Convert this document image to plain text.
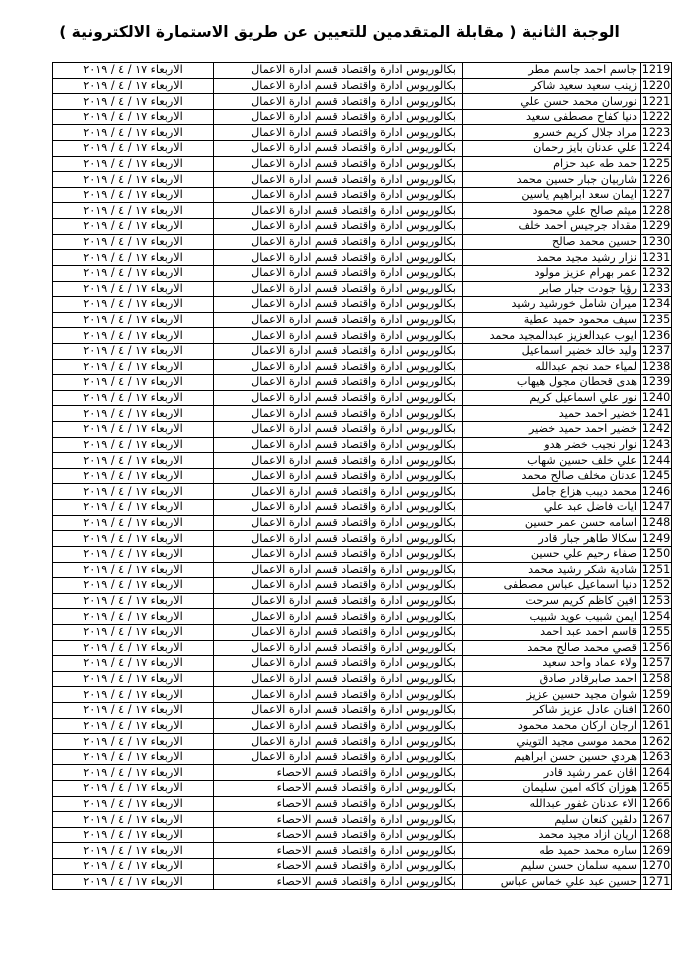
الوجبة الثانية ( مقابلة المتقدمين للتعيين عن طريق الاستمارة الالكترونية )
1219	جاسم احمد جاسم مطر	بكالوريوس ادارة واقتصاد قسم ادارة الاعمال	الاربعاء ١٧ / ٤ / ٢٠١٩
1220	زينب سعيد سعيد شاكر	بكالوريوس ادارة واقتصاد قسم ادارة الاعمال	الاربعاء ١٧ / ٤ / ٢٠١٩
1221	نورسان محمد حسن علي	بكالوريوس ادارة واقتصاد قسم ادارة الاعمال	الاربعاء ١٧ / ٤ / ٢٠١٩
1222	دنيا كفاح مصطفى سعيد	بكالوريوس ادارة واقتصاد قسم ادارة الاعمال	الاربعاء ١٧ / ٤ / ٢٠١٩
1223	مراد جلال كريم خسرو	بكالوريوس ادارة واقتصاد قسم ادارة الاعمال	الاربعاء ١٧ / ٤ / ٢٠١٩
1224	علي عدنان بايز رحمان	بكالوريوس ادارة واقتصاد قسم ادارة الاعمال	الاربعاء ١٧ / ٤ / ٢٠١٩
1225	حمد طه عبد حزام	بكالوريوس ادارة واقتصاد قسم ادارة الاعمال	الاربعاء ١٧ / ٤ / ٢٠١٩
1226	شاربيان جبار حسين محمد	بكالوريوس ادارة واقتصاد قسم ادارة الاعمال	الاربعاء ١٧ / ٤ / ٢٠١٩
1227	ايمان سعد ابراهيم ياسين	بكالوريوس ادارة واقتصاد قسم ادارة الاعمال	الاربعاء ١٧ / ٤ / ٢٠١٩
1228	ميثم صالح علي محمود	بكالوريوس ادارة واقتصاد قسم ادارة الاعمال	الاربعاء ١٧ / ٤ / ٢٠١٩
1229	مقداد جرجيس احمد خلف	بكالوريوس ادارة واقتصاد قسم ادارة الاعمال	الاربعاء ١٧ / ٤ / ٢٠١٩
1230	حسين محمد صالح	بكالوريوس ادارة واقتصاد قسم ادارة الاعمال	الاربعاء ١٧ / ٤ / ٢٠١٩
1231	نزار رشيد مجيد محمد	بكالوريوس ادارة واقتصاد قسم ادارة الاعمال	الاربعاء ١٧ / ٤ / ٢٠١٩
1232	عمر بهرام عزيز مولود	بكالوريوس ادارة واقتصاد قسم ادارة الاعمال	الاربعاء ١٧ / ٤ / ٢٠١٩
1233	رؤيا جودت جبار صابر	بكالوريوس ادارة واقتصاد قسم ادارة الاعمال	الاربعاء ١٧ / ٤ / ٢٠١٩
1234	ميران شامل خورشيد رشيد	بكالوريوس ادارة واقتصاد قسم ادارة الاعمال	الاربعاء ١٧ / ٤ / ٢٠١٩
1235	سيف محمود حميد عطية	بكالوريوس ادارة واقتصاد قسم ادارة الاعمال	الاربعاء ١٧ / ٤ / ٢٠١٩
1236	ايوب عبدالعزيز عبدالمجيد محمد	بكالوريوس ادارة واقتصاد قسم ادارة الاعمال	الاربعاء ١٧ / ٤ / ٢٠١٩
1237	وليد خالد خضير اسماعيل	بكالوريوس ادارة واقتصاد قسم ادارة الاعمال	الاربعاء ١٧ / ٤ / ٢٠١٩
1238	لمياء حمد نجم عبدالله	بكالوريوس ادارة واقتصاد قسم ادارة الاعمال	الاربعاء ١٧ / ٤ / ٢٠١٩
1239	هدى قحطان مجول هيهاب	بكالوريوس ادارة واقتصاد قسم ادارة الاعمال	الاربعاء ١٧ / ٤ / ٢٠١٩
1240	نور علي اسماعيل كريم	بكالوريوس ادارة واقتصاد قسم ادارة الاعمال	الاربعاء ١٧ / ٤ / ٢٠١٩
1241	خضير احمد حميد	بكالوريوس ادارة واقتصاد قسم ادارة الاعمال	الاربعاء ١٧ / ٤ / ٢٠١٩
1242	خضير احمد حميد خضير	بكالوريوس ادارة واقتصاد قسم ادارة الاعمال	الاربعاء ١٧ / ٤ / ٢٠١٩
1243	نوار نجيب خضر هدو	بكالوريوس ادارة واقتصاد قسم ادارة الاعمال	الاربعاء ١٧ / ٤ / ٢٠١٩
1244	علي خلف حسين شهاب	بكالوريوس ادارة واقتصاد قسم ادارة الاعمال	الاربعاء ١٧ / ٤ / ٢٠١٩
1245	عدنان مخلف صالح محمد	بكالوريوس ادارة واقتصاد قسم ادارة الاعمال	الاربعاء ١٧ / ٤ / ٢٠١٩
1246	محمد ديبب هزاع جامل	بكالوريوس ادارة واقتصاد قسم ادارة الاعمال	الاربعاء ١٧ / ٤ / ٢٠١٩
1247	ايات فاضل عبد علي	بكالوريوس ادارة واقتصاد قسم ادارة الاعمال	الاربعاء ١٧ / ٤ / ٢٠١٩
1248	اسامه حسن عمر حسين	بكالوريوس ادارة واقتصاد قسم ادارة الاعمال	الاربعاء ١٧ / ٤ / ٢٠١٩
1249	سكالا طاهر جبار قادر	بكالوريوس ادارة واقتصاد قسم ادارة الاعمال	الاربعاء ١٧ / ٤ / ٢٠١٩
1250	صفاء رحيم علي حسين	بكالوريوس ادارة واقتصاد قسم ادارة الاعمال	الاربعاء ١٧ / ٤ / ٢٠١٩
1251	شادية شكر رشيد محمد	بكالوريوس ادارة واقتصاد قسم ادارة الاعمال	الاربعاء ١٧ / ٤ / ٢٠١٩
1252	دنيا اسماعيل عباس مصطفى	بكالوريوس ادارة واقتصاد قسم ادارة الاعمال	الاربعاء ١٧ / ٤ / ٢٠١٩
1253	افين كاظم كريم سرحت	بكالوريوس ادارة واقتصاد قسم ادارة الاعمال	الاربعاء ١٧ / ٤ / ٢٠١٩
1254	ايمن شبيب عويد شبيب	بكالوريوس ادارة واقتصاد قسم ادارة الاعمال	الاربعاء ١٧ / ٤ / ٢٠١٩
1255	قاسم احمد عبد احمد	بكالوريوس ادارة واقتصاد قسم ادارة الاعمال	الاربعاء ١٧ / ٤ / ٢٠١٩
1256	قصي محمد صالح محمد	بكالوريوس ادارة واقتصاد قسم ادارة الاعمال	الاربعاء ١٧ / ٤ / ٢٠١٩
1257	ولاء عماد واحد سعيد	بكالوريوس ادارة واقتصاد قسم ادارة الاعمال	الاربعاء ١٧ / ٤ / ٢٠١٩
1258	احمد صابرقادر صادق	بكالوريوس ادارة واقتصاد قسم ادارة الاعمال	الاربعاء ١٧ / ٤ / ٢٠١٩
1259	شوان مجيد حسين عزيز	بكالوريوس ادارة واقتصاد قسم ادارة الاعمال	الاربعاء ١٧ / ٤ / ٢٠١٩
1260	افنان عادل عزيز شاكر	بكالوريوس ادارة واقتصاد قسم ادارة الاعمال	الاربعاء ١٧ / ٤ / ٢٠١٩
1261	ارجان اركان محمد محمود	بكالوريوس ادارة واقتصاد قسم ادارة الاعمال	الاربعاء ١٧ / ٤ / ٢٠١٩
1262	محمد موسى مجيد التويني	بكالوريوس ادارة واقتصاد قسم ادارة الاعمال	الاربعاء ١٧ / ٤ / ٢٠١٩
1263	هردي حسين حسن ابراهيم	بكالوريوس ادارة واقتصاد قسم ادارة الاعمال	الاربعاء ١٧ / ٤ / ٢٠١٩
1264	اڤان عمر رشيد قادر	بكالوريوس ادارة واقتصاد قسم الاحصاء	الاربعاء ١٧ / ٤ / ٢٠١٩
1265	هوزان كاكه امين سليمان	بكالوريوس ادارة واقتصاد قسم الاحصاء	الاربعاء ١٧ / ٤ / ٢٠١٩
1266	الاء عدنان غفور عبدالله	بكالوريوس ادارة واقتصاد قسم الاحصاء	الاربعاء ١٧ / ٤ / ٢٠١٩
1267	دلڤين كنعان سليم	بكالوريوس ادارة واقتصاد قسم الاحصاء	الاربعاء ١٧ / ٤ / ٢٠١٩
1268	اريان ازاد مجيد محمد	بكالوريوس ادارة واقتصاد قسم الاحصاء	الاربعاء ١٧ / ٤ / ٢٠١٩
1269	ساره محمد حميد طه	بكالوريوس ادارة واقتصاد قسم الاحصاء	الاربعاء ١٧ / ٤ / ٢٠١٩
1270	سميه سلمان حسن سليم	بكالوريوس ادارة واقتصاد قسم الاحصاء	الاربعاء ١٧ / ٤ / ٢٠١٩
1271	حسين عبد علي خماس عباس	بكالوريوس ادارة واقتصاد قسم الاحصاء	الاربعاء ١٧ / ٤ / ٢٠١٩
